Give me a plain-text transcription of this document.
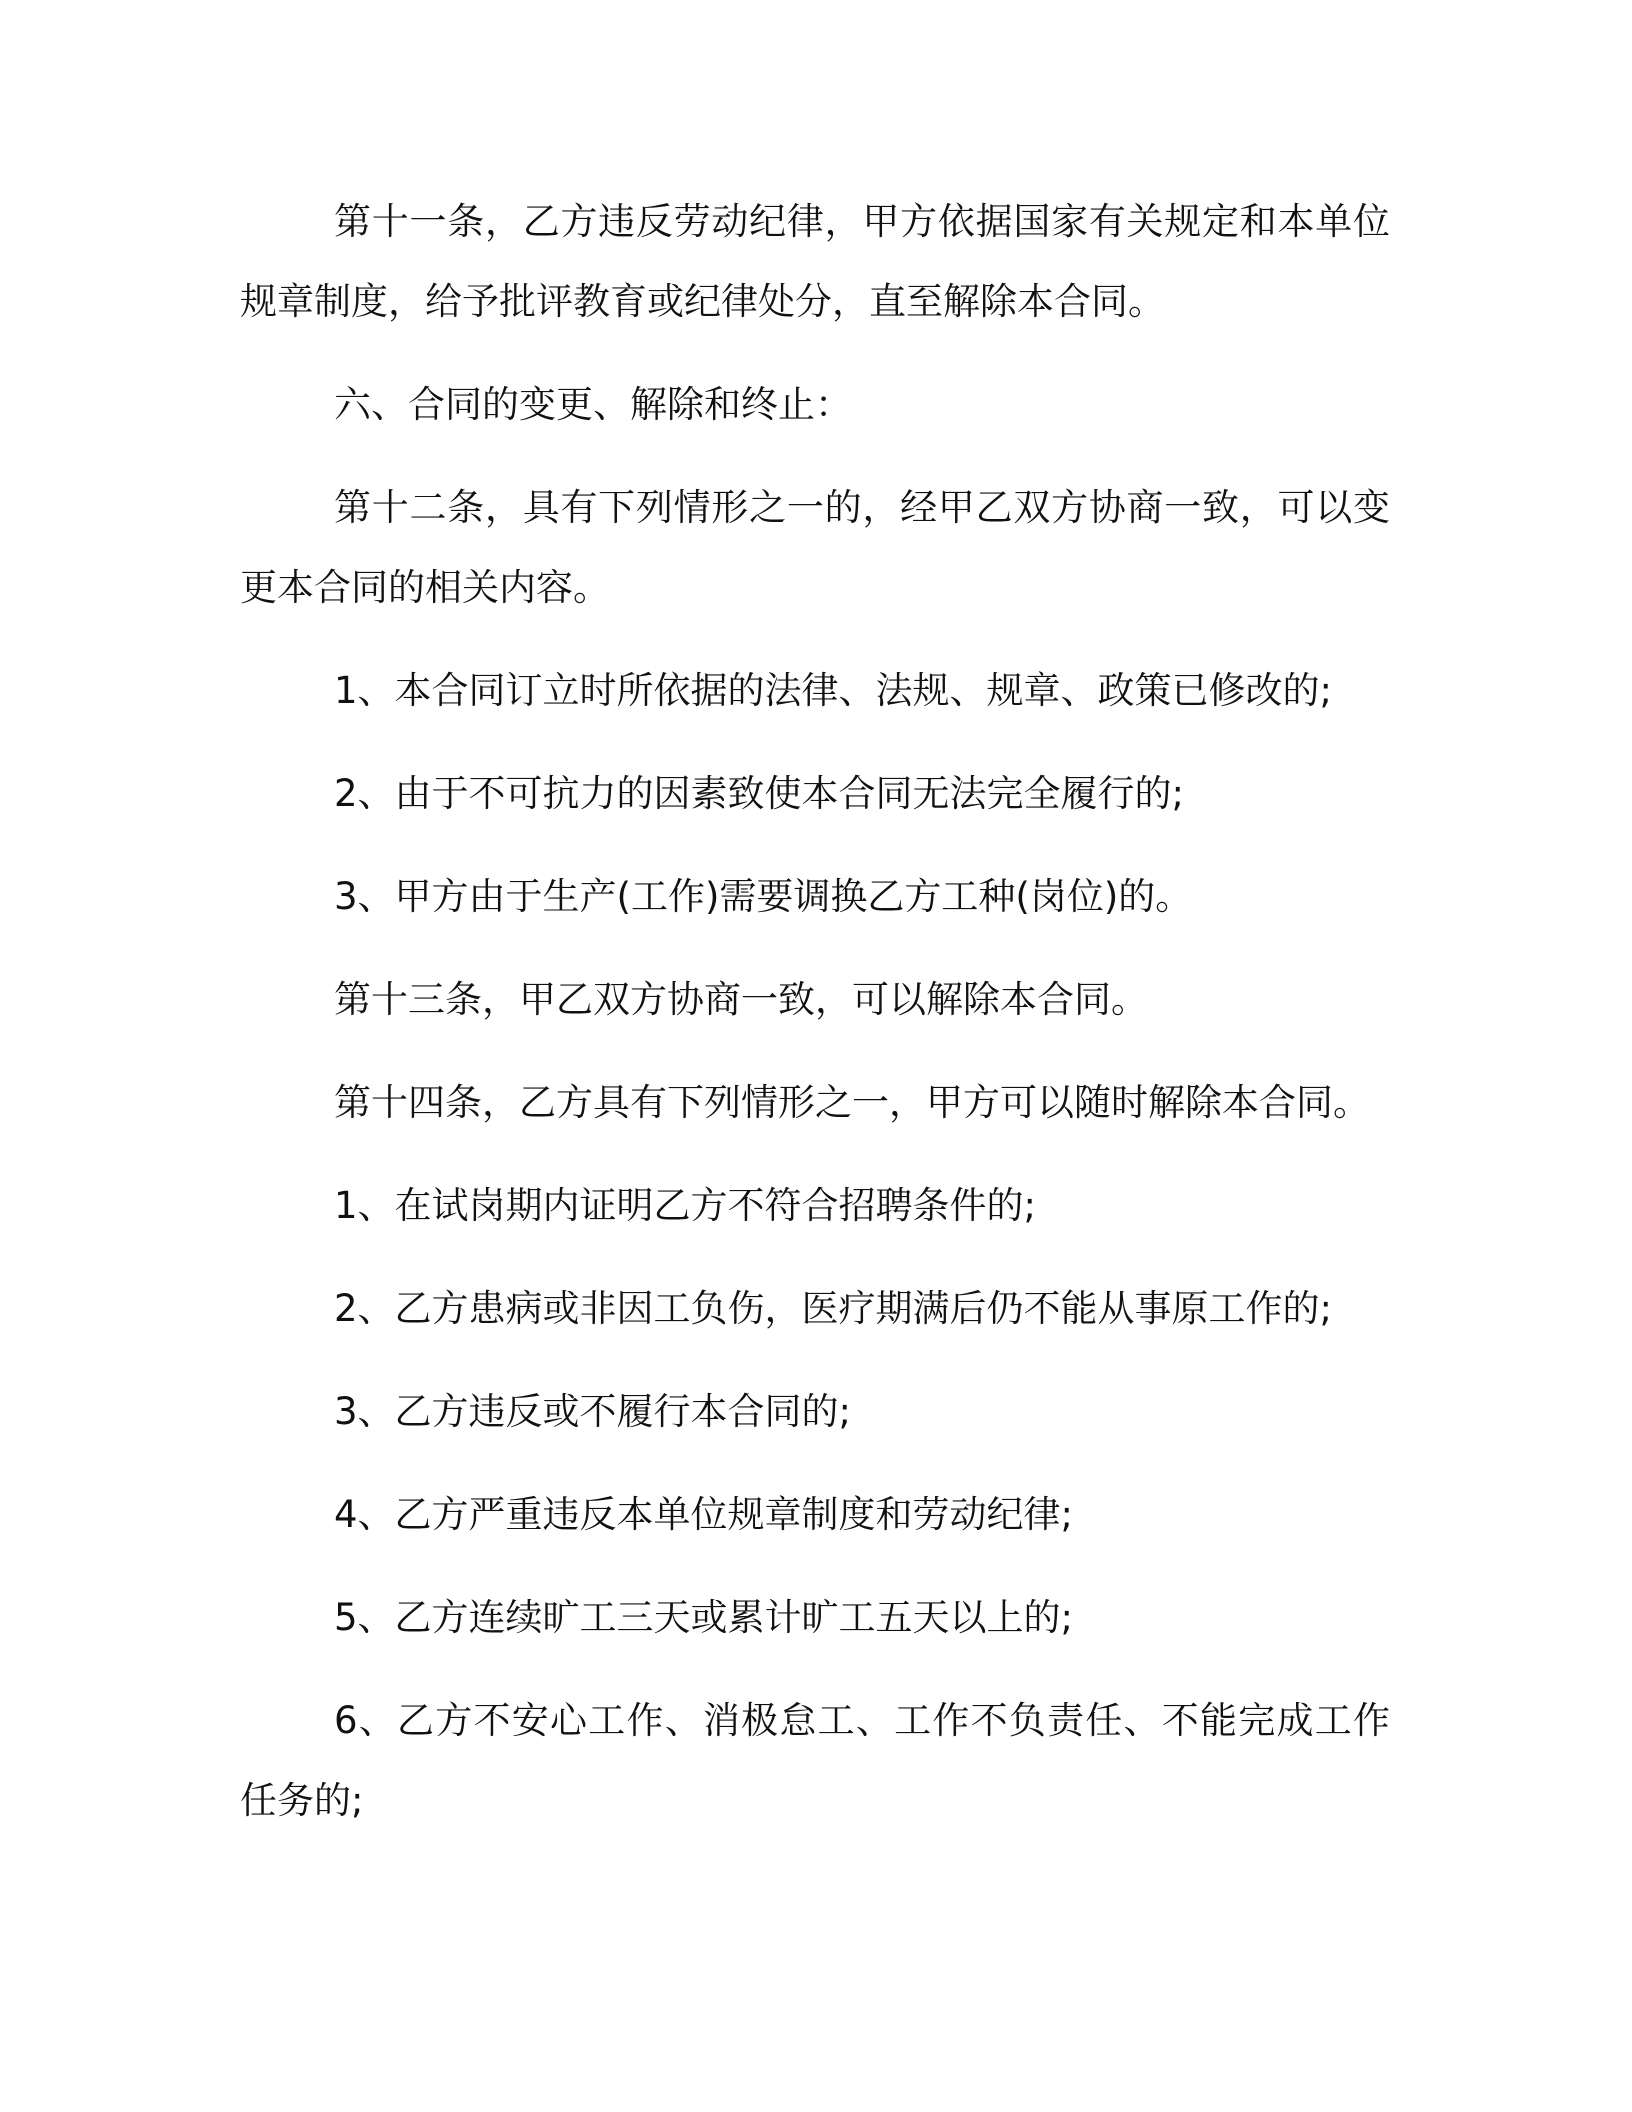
第十一条，乙方违反劳动纪律，甲方依据国家有关规定和本单位规章制度，给予批评教育或纪律处分，直至解除本合同。

六、合同的变更、解除和终止：

第十二条，具有下列情形之一的，经甲乙双方协商一致，可以变更本合同的相关内容。

1、本合同订立时所依据的法律、法规、规章、政策已修改的;

2、由于不可抗力的因素致使本合同无法完全履行的;

3、甲方由于生产(工作)需要调换乙方工种(岗位)的。

第十三条，甲乙双方协商一致，可以解除本合同。

第十四条，乙方具有下列情形之一，甲方可以随时解除本合同。

1、在试岗期内证明乙方不符合招聘条件的;

2、乙方患病或非因工负伤，医疗期满后仍不能从事原工作的;

3、乙方违反或不履行本合同的;

4、乙方严重违反本单位规章制度和劳动纪律;

5、乙方连续旷工三天或累计旷工五天以上的;

6、乙方不安心工作、消极怠工、工作不负责任、不能完成工作任务的;
